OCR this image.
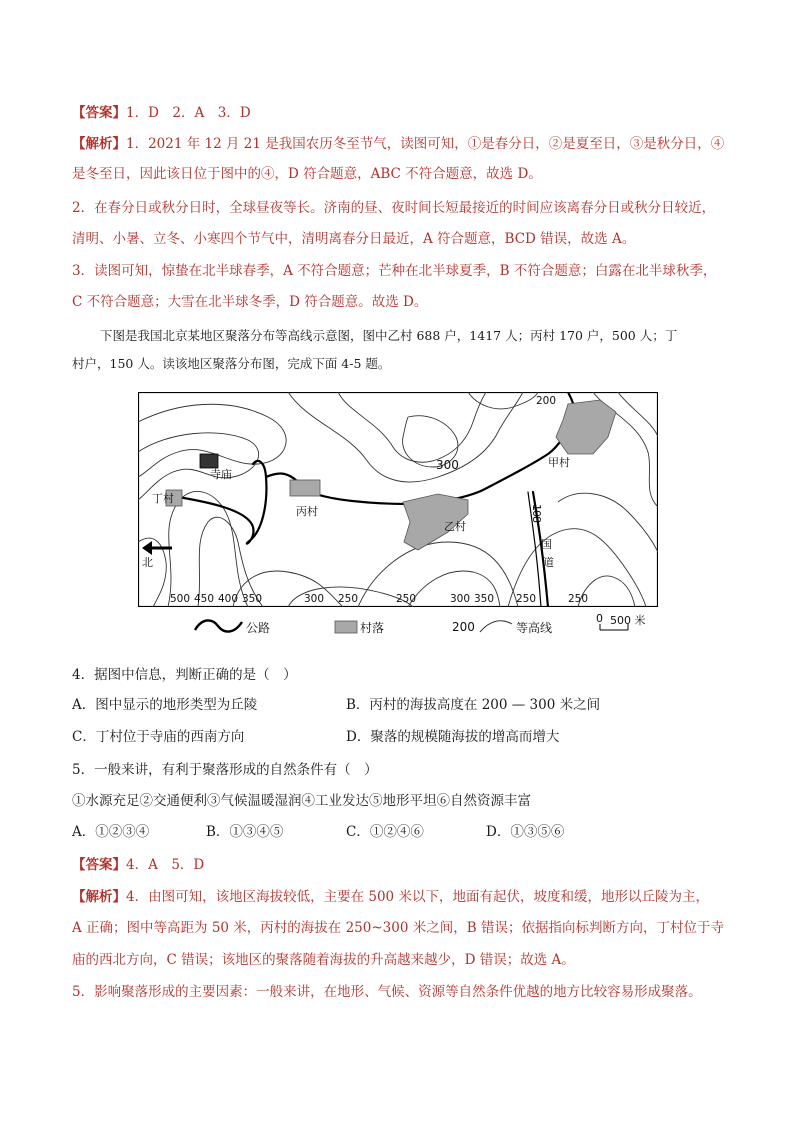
【答案】1．D　2．A　3．D
【解析】1．2021 年 12 月 21 是我国农历冬至节气，读图可知，①是春分日，②是夏至日，③是秋分日，④
是冬至日，因此该日位于图中的④，D 符合题意，ABC 不符合题意，故选 D。
2．在春分日或秋分日时，全球昼夜等长。济南的昼、夜时间长短最接近的时间应该离春分日或秋分日较近，
清明、小暑、立冬、小寒四个节气中，清明离春分日最近，A 符合题意，BCD 错误，故选 A。
3．读图可知，惊蛰在北半球春季，A 不符合题意；芒种在北半球夏季，B 不符合题意；白露在北半球秋季，
C 不符合题意；大雪在北半球冬季，D 符合题意。故选 D。
下图是我国北京某地区聚落分布等高线示意图，图中乙村 688 户，1417 人；丙村 170 户，500 人；丁
村户，150 人。读该地区聚落分布图，完成下面 4-5 题。
寺庙
丁村
丙村
乙村
甲村
200
300
108
国
道
北
500 450 400 350	300 250	250	300 350 250	250
公路	村落	200	等高线
0 500 米
4．据图中信息，判断正确的是（　）
A．图中显示的地形类型为丘陵	B．丙村的海拔高度在 200 — 300 米之间
C．丁村位于寺庙的西南方向	D．聚落的规模随海拔的增高而增大
5．一般来讲，有利于聚落形成的自然条件有（　）
①水源充足②交通便利③气候温暖湿润④工业发达⑤地形平坦⑥自然资源丰富
A．①②③④	B．①③④⑤	C．①②④⑥	D．①③⑤⑥
【答案】4．A　5．D
【解析】4．由图可知，该地区海拔较低，主要在 500 米以下，地面有起伏，坡度和缓，地形以丘陵为主，
A 正确；图中等高距为 50 米，丙村的海拔在 250~300 米之间，B 错误；依据指向标判断方向，丁村位于寺
庙的西北方向，C 错误；该地区的聚落随着海拔的升高越来越少，D 错误；故选 A。
5．影响聚落形成的主要因素：一般来讲，在地形、气候、资源等自然条件优越的地方比较容易形成聚落。
